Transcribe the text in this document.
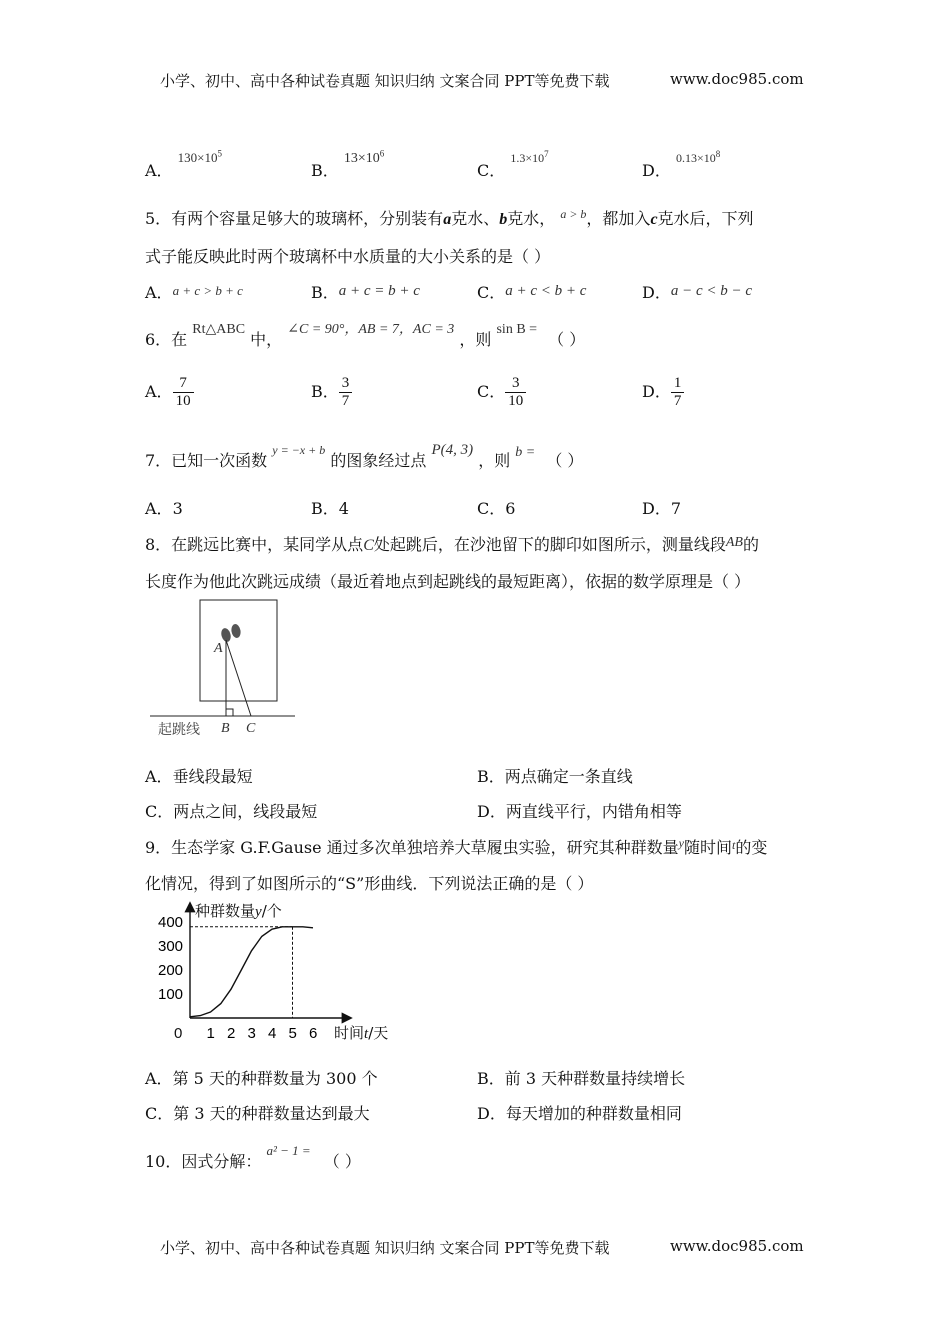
小学、初中、高中各种试卷真题 知识归纳 文案合同 PPT等免费下载	www.doc985.com
A． $^{130\times 10^5}$
B． $13\times 10^6$
C． $^{1.3\times 10^7}$
D． $^{0.13\times 10^8}$
5．有两个容量足够大的玻璃杯，分别装有a克水、b克水， $^{a > b}$，都加入c克水后，下列
式子能反映此时两个玻璃杯中水质量的大小关系的是（ ）
A．a + c > b + c	B．a + c = b + c	C．a + c < b + c	D．a − c < b − c
6．在 Rt△ABC 中， ∠C = 90°，AB = 7，AC = 3 ，则 sin B = （ ）
A． $\frac{7}{10}$	B． $\frac{3}{7}$	C． $\frac{3}{10}$	D． $\frac{1}{7}$
7．已知一次函数 $^{y = -x + b}$ 的图象经过点 P(4, 3) ，则 b = （ ）
A．3	B．4	C．6	D．7
8．在跳远比赛中，某同学从点C处起跳后，在沙池留下的脚印如图所示，测量线段AB的
长度作为他此次跳远成绩（最近着地点到起跳线的最短距离），依据的数学原理是（ ）
A
B C
起跳线
A．垂线段最短	B．两点确定一条直线
C．两点之间，线段最短	D．两直线平行，内错角相等
9．生态学家 G.F.Gause 通过多次单独培养大草履虫实验，研究其种群数量$^y$随时间$^t$的变
化情况，得到了如图所示的“S”形曲线．下列说法正确的是（ ）
种群数量y/个
时间t/天
0 1 2 3 4 5 6
100
200
300
400
A．第 5 天的种群数量为 300 个	B．前 3 天种群数量持续增长
C．第 3 天的种群数量达到最大	D．每天增加的种群数量相同
10．因式分解： $^{a^2 - 1 =}$ （ ）
小学、初中、高中各种试卷真题 知识归纳 文案合同 PPT等免费下载	www.doc985.com
